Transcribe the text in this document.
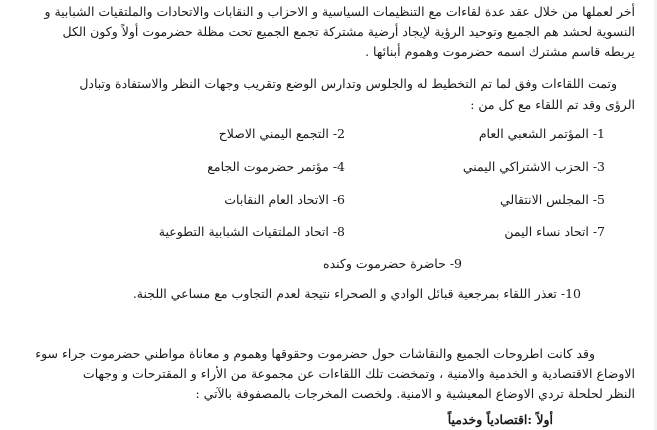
أخر لعملها من خلال عقد عدة لقاءات مع التنظيمات السياسية و الاحزاب و النقابات والاتحادات والملتقيات الشبابية و
النسوية لحشد هم الجميع وتوحيد الرؤية لإيجاد أرضية مشتركة تجمع الجميع تحت مظلة حضرموت أولاً وكون الكل
يربطه قاسم مشترك اسمه حضرموت وهموم أبنائها .
وتمت اللقاءات وفق لما تم التخطيط له والجلوس وتدارس الوضع وتقريب وجهات النظر والاستفادة وتبادل
الرؤى وقد تم اللقاء مع كل من :
1- المؤتمر الشعبي العام
2- التجمع اليمني الاصلاح
3- الحزب الاشتراكي اليمني
4- مؤتمر حضرموت الجامع
5- المجلس الانتقالي
6- الاتحاد العام النقابات
7- اتحاد نساء اليمن
8- اتحاد الملتقيات الشبابية التطوعية
9- حاضرة حضرموت وكنده
10- تعذر اللقاء بمرجعية قبائل الوادي و الصحراء نتيجة لعدم التجاوب مع مساعي اللجنة.
وقد كانت اطروحات الجميع والنقاشات حول حضرموت وحقوقها وهموم و معاناة مواطني حضرموت جراء سوء
الاوضاع الاقتصادية و الخدمية والامنية ، وتمخضت تلك اللقاءات عن مجموعة من الأراء و المقترحات و وجهات
النظر لحلحلة تردي الاوضاع المعيشية و الامنية. ولخصت المخرجات بالمصفوفة بالآتي :
أولاً :اقتصادياً وخدمياً
